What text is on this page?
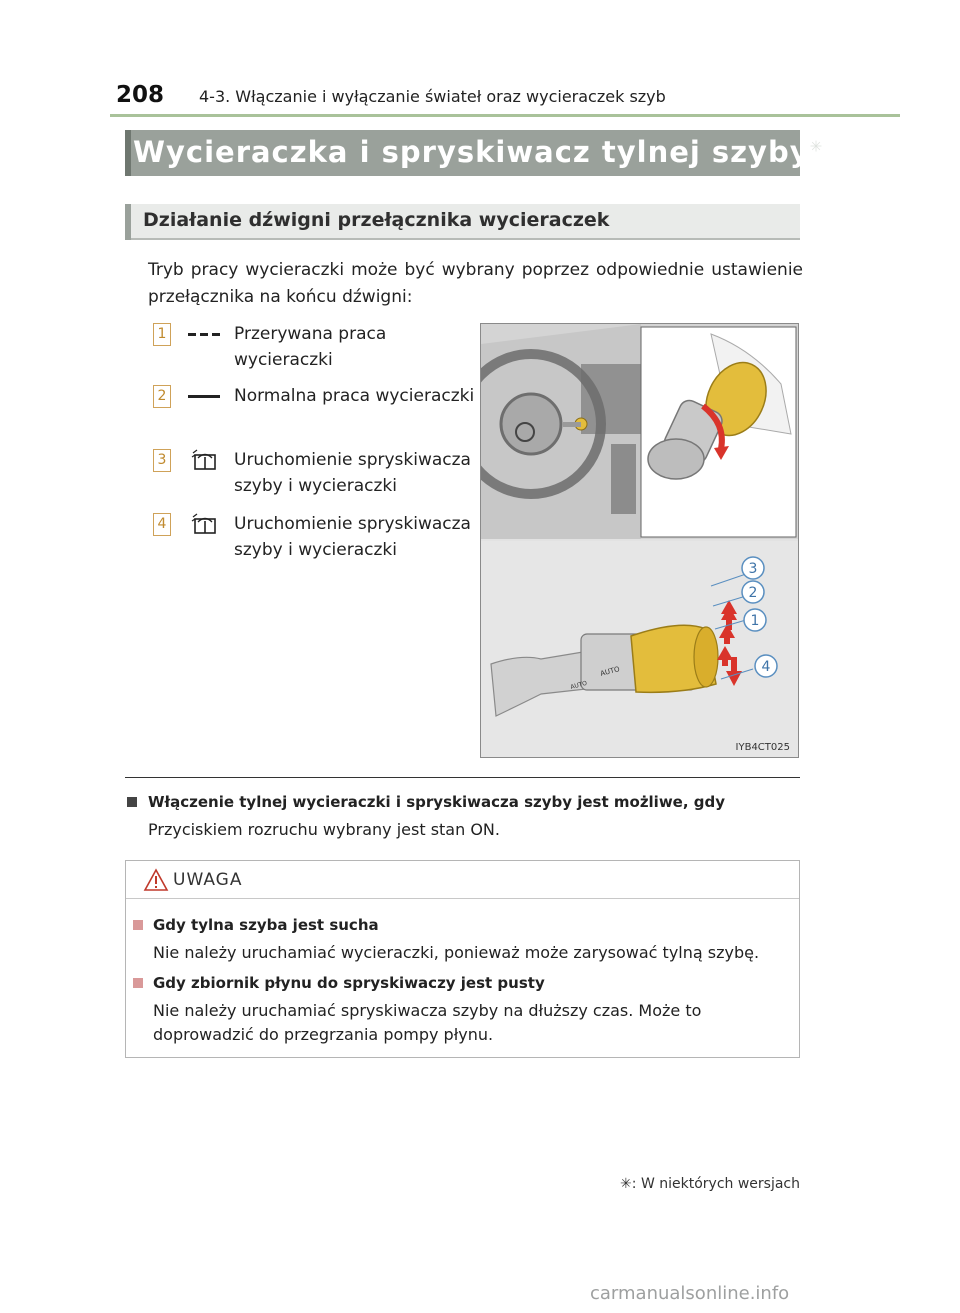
208 4-3. Włączanie i wyłączanie świateł oraz wycieraczek szyb
Wycieraczka i spryskiwacz tylnej szyby✳
Działanie dźwigni przełącznika wycieraczek
Tryb pracy wycieraczki może być wybrany poprzez odpowiednie ustawienie przełącznika na końcu dźwigni:
1	Przerywana praca wycieraczki
2	Normalna praca wycieraczki
3	Uruchomienie spryskiwacza szyby i wycieraczki
4	Uruchomienie spryskiwacza szyby i wycieraczki
AUTO
AUTO
3
2
1
4
IYB4CT025
Włączenie tylnej wycieraczki i spryskiwacza szyby jest możliwe, gdy
Przyciskiem rozruchu wybrany jest stan ON.
UWAGA
Gdy tylna szyba jest sucha
Nie należy uruchamiać wycieraczki, ponieważ może zarysować tylną szybę.
Gdy zbiornik płynu do spryskiwaczy jest pusty
Nie należy uruchamiać spryskiwacza szyby na dłuższy czas. Może to doprowadzić do przegrzania pompy płynu.
✳: W niektórych wersjach
carmanualsonline.info
